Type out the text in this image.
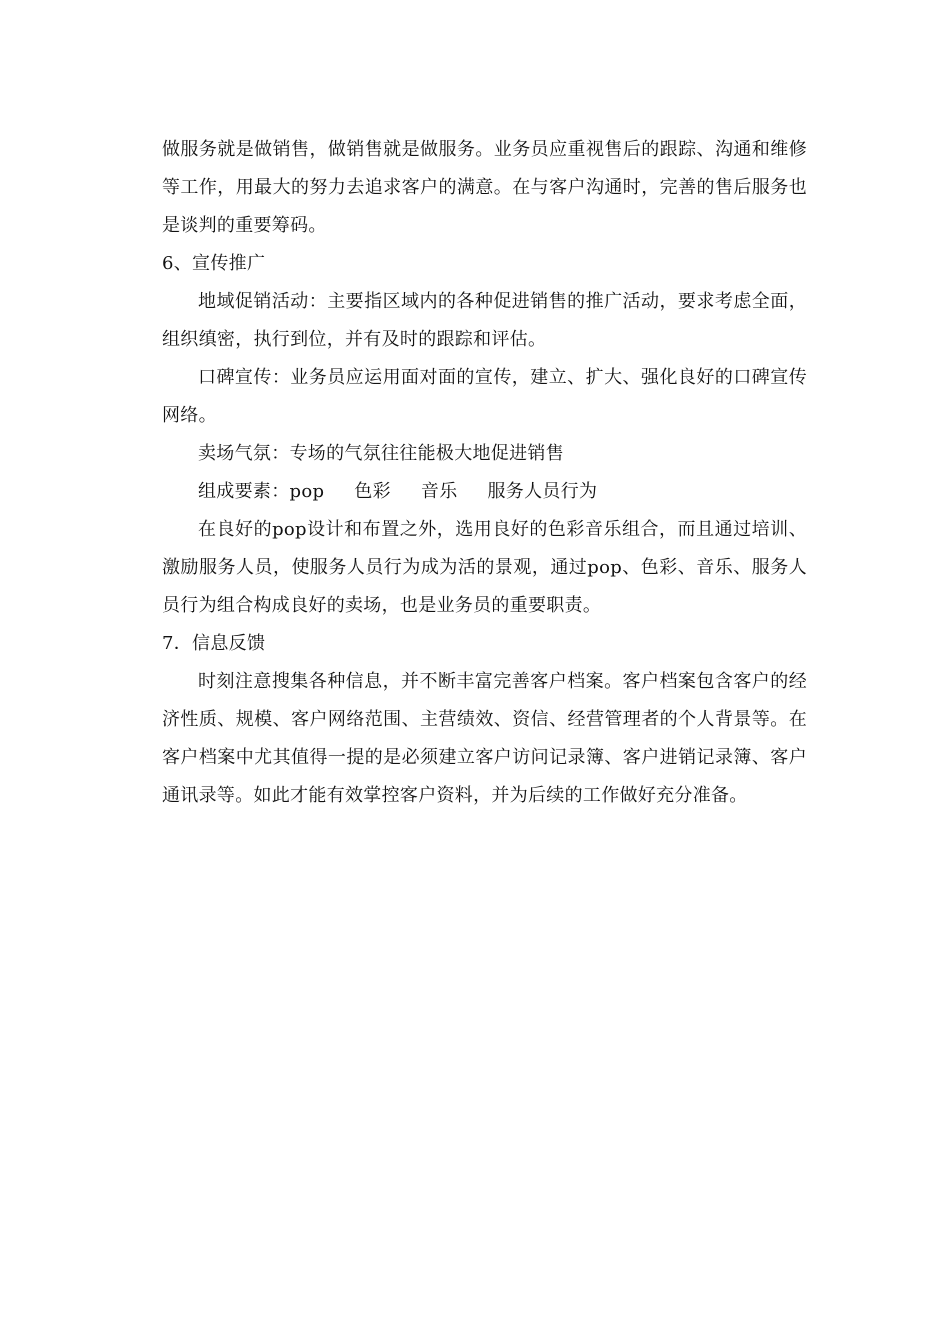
做服务就是做销售，做销售就是做服务。业务员应重视售后的跟踪、沟通和维修等工作，用最大的努力去追求客户的满意。在与客户沟通时，完善的售后服务也是谈判的重要筹码。

6、宣传推广

地域促销活动：主要指区域内的各种促进销售的推广活动，要求考虑全面，组织缜密，执行到位，并有及时的跟踪和评估。

口碑宣传：业务员应运用面对面的宣传，建立、扩大、强化良好的口碑宣传网络。

卖场气氛：专场的气氛往往能极大地促进销售

组成要素：pop 色彩 音乐 服务人员行为

在良好的pop设计和布置之外，选用良好的色彩音乐组合，而且通过培训、激励服务人员，使服务人员行为成为活的景观，通过pop、色彩、音乐、服务人员行为组合构成良好的卖场，也是业务员的重要职责。

7．信息反馈

时刻注意搜集各种信息，并不断丰富完善客户档案。客户档案包含客户的经济性质、规模、客户网络范围、主营绩效、资信、经营管理者的个人背景等。在客户档案中尤其值得一提的是必须建立客户访问记录簿、客户进销记录簿、客户通讯录等。如此才能有效掌控客户资料，并为后续的工作做好充分准备。
